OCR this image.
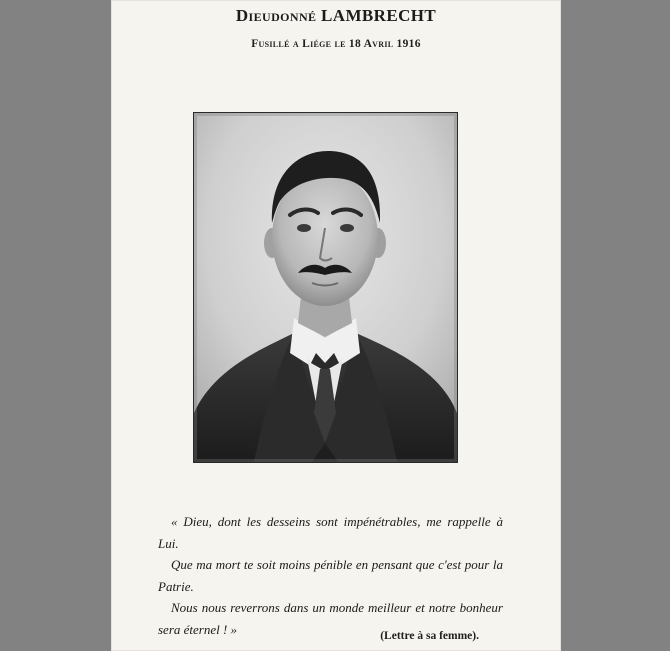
Dieudonné LAMBRECHT
Fusillé a Liége le 18 Avril 1916

« Dieu, dont les desseins sont impénétrables, me rappelle à Lui.

Que ma mort te soit moins pénible en pensant que c'est pour la Patrie.

Nous nous reverrons dans un monde meilleur et notre bonheur sera éternel ! »	(Lettre à sa femme).
